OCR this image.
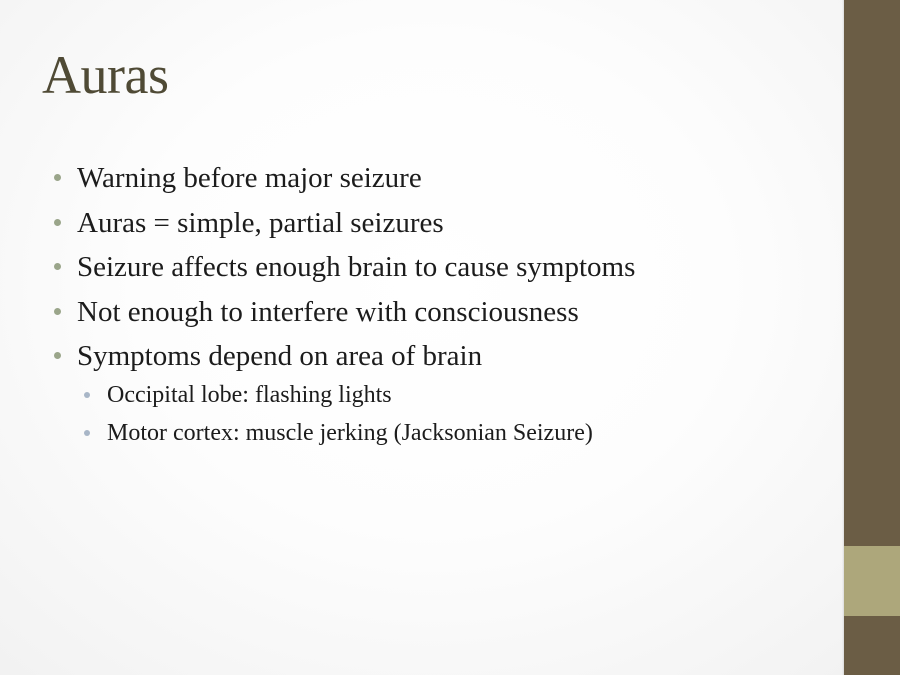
Auras
Warning before major seizure
Auras = simple, partial seizures
Seizure affects enough brain to cause symptoms
Not enough to interfere with consciousness
Symptoms depend on area of brain
Occipital lobe: flashing lights
Motor cortex: muscle jerking (Jacksonian Seizure)
